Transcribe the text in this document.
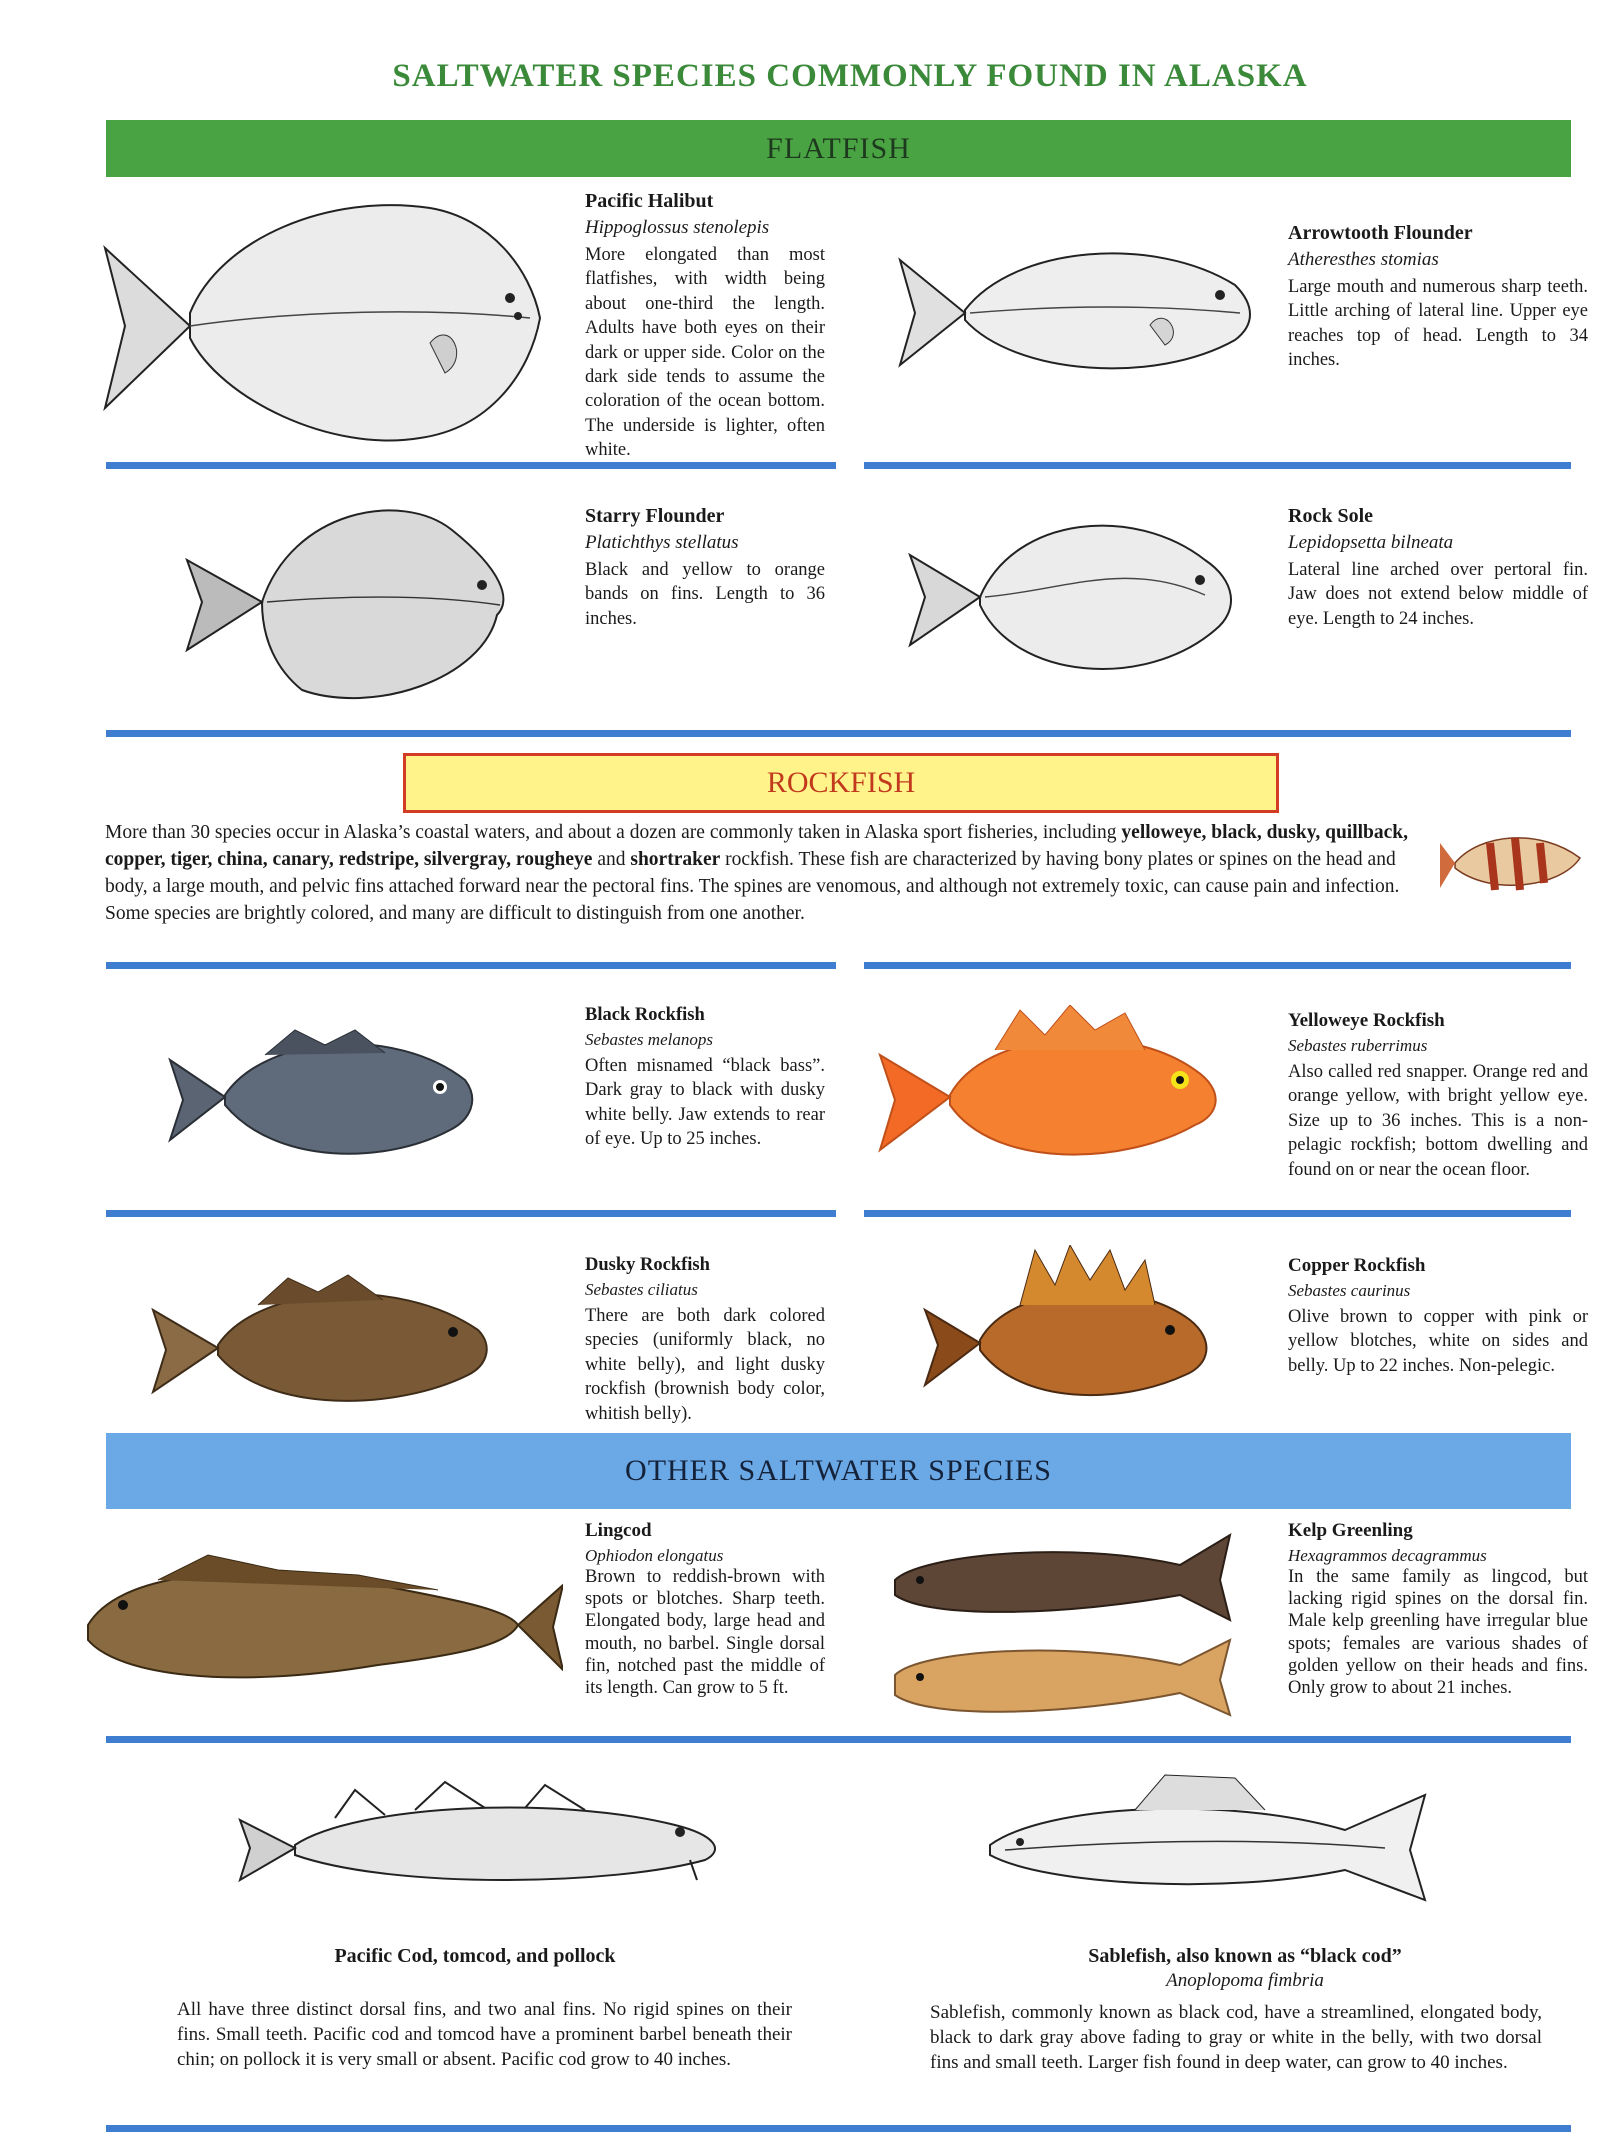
SALTWATER SPECIES COMMONLY FOUND IN ALASKA
FLATFISH
Pacific Halibut
Hippoglossus stenolepis
More elongated than most flatfishes, with width being about one-third the length. Adults have both eyes on their dark or upper side. Color on the dark side tends to assume the coloration of the ocean bottom. The underside is lighter, often white.
Arrowtooth Flounder
Atheresthes stomias
Large mouth and numerous sharp teeth. Little arching of lateral line. Upper eye reaches top of head. Length to 34 inches.
Starry Flounder
Platichthys stellatus
Black and yellow to orange bands on fins. Length to 36 inches.
Rock Sole
Lepidopsetta bilneata
Lateral line arched over pertoral fin. Jaw does not extend below middle of eye. Length to 24 inches.
ROCKFISH
More than 30 species occur in Alaska’s coastal waters, and about a dozen are commonly taken in Alaska sport fisheries, including yelloweye, black, dusky, quillback, copper, tiger, china, canary, redstripe, silvergray, rougheye and shortraker rockfish. These fish are characterized by having bony plates or spines on the head and body, a large mouth, and pelvic fins attached forward near the pectoral fins. The spines are venomous, and although not extremely toxic, can cause pain and infection. Some species are brightly colored, and many are difficult to distinguish from one another.
Black Rockfish
Sebastes melanops
Often misnamed “black bass”. Dark gray to black with dusky white belly. Jaw extends to rear of eye. Up to 25 inches.
Yelloweye Rockfish
Sebastes ruberrimus
Also called red snapper. Orange red and orange yellow, with bright yellow eye. Size up to 36 inches. This is a non-pelagic rockfish; bottom dwelling and found on or near the ocean floor.
Dusky Rockfish
Sebastes ciliatus
There are both dark colored species (uniformly black, no white belly), and light dusky rockfish (brownish body color, whitish belly).
Copper Rockfish
Sebastes caurinus
Olive brown to copper with pink or yellow blotches, white on sides and belly. Up to 22 inches. Non-pelegic.
OTHER SALTWATER SPECIES
Lingcod
Ophiodon elongatus
Brown to reddish-brown with spots or blotches. Sharp teeth. Elongated body, large head and mouth, no barbel. Single dorsal fin, notched past the middle of its length. Can grow to 5 ft.
Kelp Greenling
Hexagrammos decagrammus
In the same family as lingcod, but lacking rigid spines on the dorsal fin. Male kelp greenling have irregular blue spots; females are various shades of golden yellow on their heads and fins. Only grow to about 21 inches.
Pacific Cod, tomcod, and pollock
All have three distinct dorsal fins, and two anal fins. No rigid spines on their fins. Small teeth. Pacific cod and tomcod have a prominent barbel beneath their chin; on pollock it is very small or absent. Pacific cod grow to 40 inches.
Sablefish, also known as “black cod”
Anoplopoma fimbria
Sablefish, commonly known as black cod, have a streamlined, elongated body, black to dark gray above fading to gray or white in the belly, with two dorsal fins and small teeth. Larger fish found in deep water, can grow to 40 inches.
